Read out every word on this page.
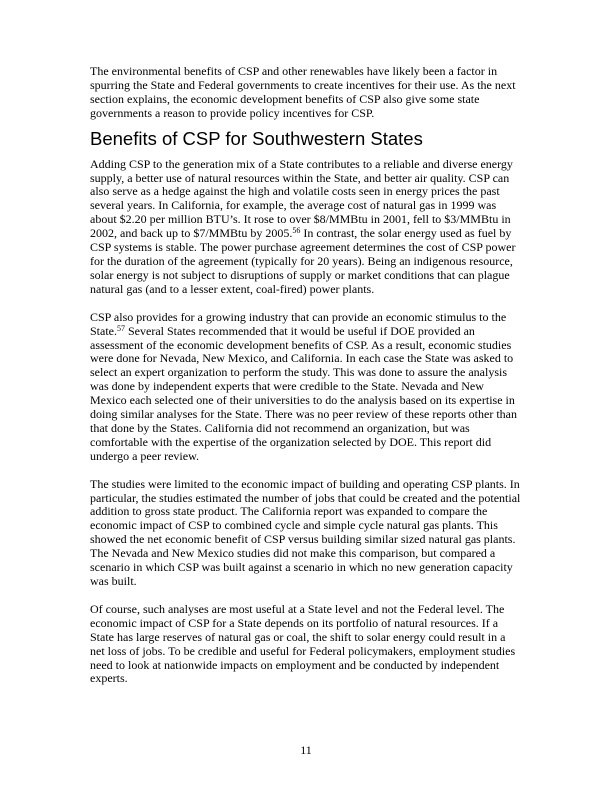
The environmental benefits of CSP and other renewables have likely been a factor in spurring the State and Federal governments to create incentives for their use. As the next section explains, the economic development benefits of CSP also give some state governments a reason to provide policy incentives for CSP.

Benefits of CSP for Southwestern States

Adding CSP to the generation mix of a State contributes to a reliable and diverse energy supply, a better use of natural resources within the State, and better air quality. CSP can also serve as a hedge against the high and volatile costs seen in energy prices the past several years. In California, for example, the average cost of natural gas in 1999 was about $2.20 per million BTU’s. It rose to over $8/MMBtu in 2001, fell to $3/MMBtu in 2002, and back up to $7/MMBtu by 2005.56 In contrast, the solar energy used as fuel by CSP systems is stable. The power purchase agreement determines the cost of CSP power for the duration of the agreement (typically for 20 years). Being an indigenous resource, solar energy is not subject to disruptions of supply or market conditions that can plague natural gas (and to a lesser extent, coal-fired) power plants.

CSP also provides for a growing industry that can provide an economic stimulus to the State.$^{57}$ Several States recommended that it would be useful if DOE provided an assessment of the economic development benefits of CSP. As a result, economic studies were done for Nevada, New Mexico, and California. In each case the State was asked to select an expert organization to perform the study. This was done to assure the analysis was done by independent experts that were credible to the State. Nevada and New Mexico each selected one of their universities to do the analysis based on its expertise in doing similar analyses for the State. There was no peer review of these reports other than that done by the States. California did not recommend an organization, but was comfortable with the expertise of the organization selected by DOE. This report did undergo a peer review.

The studies were limited to the economic impact of building and operating CSP plants. In particular, the studies estimated the number of jobs that could be created and the potential addition to gross state product. The California report was expanded to compare the economic impact of CSP to combined cycle and simple cycle natural gas plants. This showed the net economic benefit of CSP versus building similar sized natural gas plants. The Nevada and New Mexico studies did not make this comparison, but compared a scenario in which CSP was built against a scenario in which no new generation capacity was built.

Of course, such analyses are most useful at a State level and not the Federal level. The economic impact of CSP for a State depends on its portfolio of natural resources. If a State has large reserves of natural gas or coal, the shift to solar energy could result in a net loss of jobs. To be credible and useful for Federal policymakers, employment studies need to look at nationwide impacts on employment and be conducted by independent experts.

11
